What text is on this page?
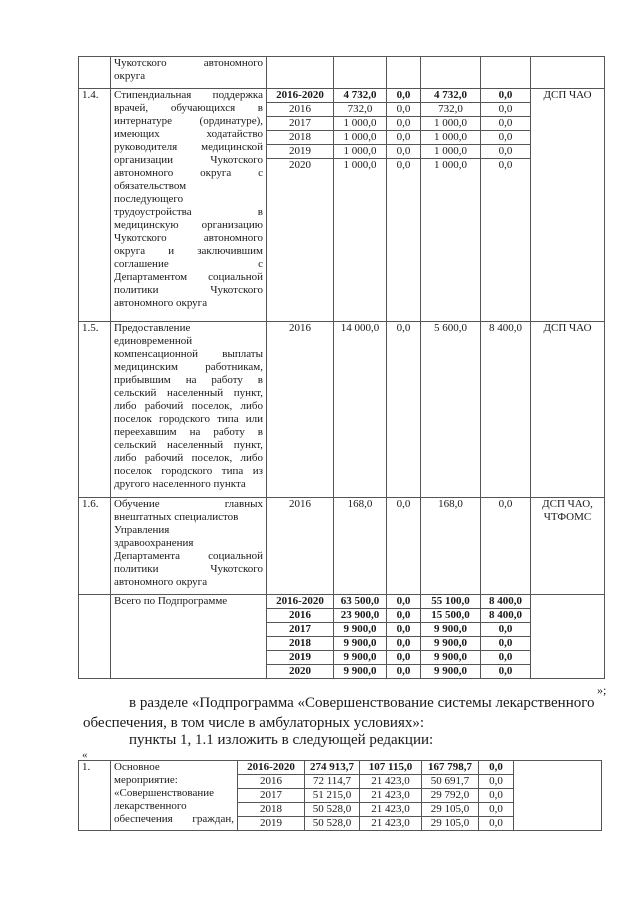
	Чукотского автономного
округа						

1.4.	Стипендиальная поддержка
врачей, обучающихся в
интернатуре (ординатуре),
имеющих ходатайство
руководителя медицинской
организации Чукотского
автономного округа с
обязательством
последующего
трудоустройства в
медицинскую организацию
Чукотского автономного
округа и заключившим
соглашение с
Департаментом социальной
политики Чукотского
автономного округа
	2016-2020	4 732,0	0,0	4 732,0	0,0	ДСП ЧАО
		2016	732,0	0,0	732,0	0,0	
		2017	1 000,0	0,0	1 000,0	0,0	
		2018	1 000,0	0,0	1 000,0	0,0	
		2019	1 000,0	0,0	1 000,0	0,0	
		2020	1 000,0	0,0	1 000,0	0,0	
1.5.	Предоставление
единовременной
компенсационной выплаты
медицинским работникам,
прибывшим на работу в
сельский населенный пункт,
либо рабочий поселок, либо
поселок городского типа или
переехавшим на работу в
сельский населенный пункт,
либо рабочий поселок, либо
поселок городского типа из
другого населенного пункта
	2016	14 000,0	0,0	5 600,0	8 400,0	ДСП ЧАО
1.6.	Обучение главных
внештатных специалистов
Управления
здравоохранения
Департамента социальной
политики Чукотского
автономного округа
	2016	168,0	0,0	168,0	0,0	ДСП ЧАО,
ЧТФОМС

	Всего по Подпрограмме	2016-2020	63 500,0	0,0	55 100,0	8 400,0	
		2016	23 900,0	0,0	15 500,0	8 400,0	
		2017	9 900,0	0,0	9 900,0	0,0	
		2018	9 900,0	0,0	9 900,0	0,0	
		2019	9 900,0	0,0	9 900,0	0,0	
		2020	9 900,0	0,0	9 900,0	0,0	
»;
в разделе «Подпрограмма «Совершенствование системы лекарственного
обеспечения, в том числе в амбулаторных условиях»:
пункты 1, 1.1 изложить в следующей редакции:
«
1.	Основное
мероприятие:
«Совершенствование
лекарственного
обеспечения граждан,	2016-2020	274 913,7	107 115,0	167 798,7	0,0	
		2016	72 114,7	21 423,0	50 691,7	0,0	
		2017	51 215,0	21 423,0	29 792,0	0,0	
		2018	50 528,0	21 423,0	29 105,0	0,0	
		2019	50 528,0	21 423,0	29 105,0	0,0	
